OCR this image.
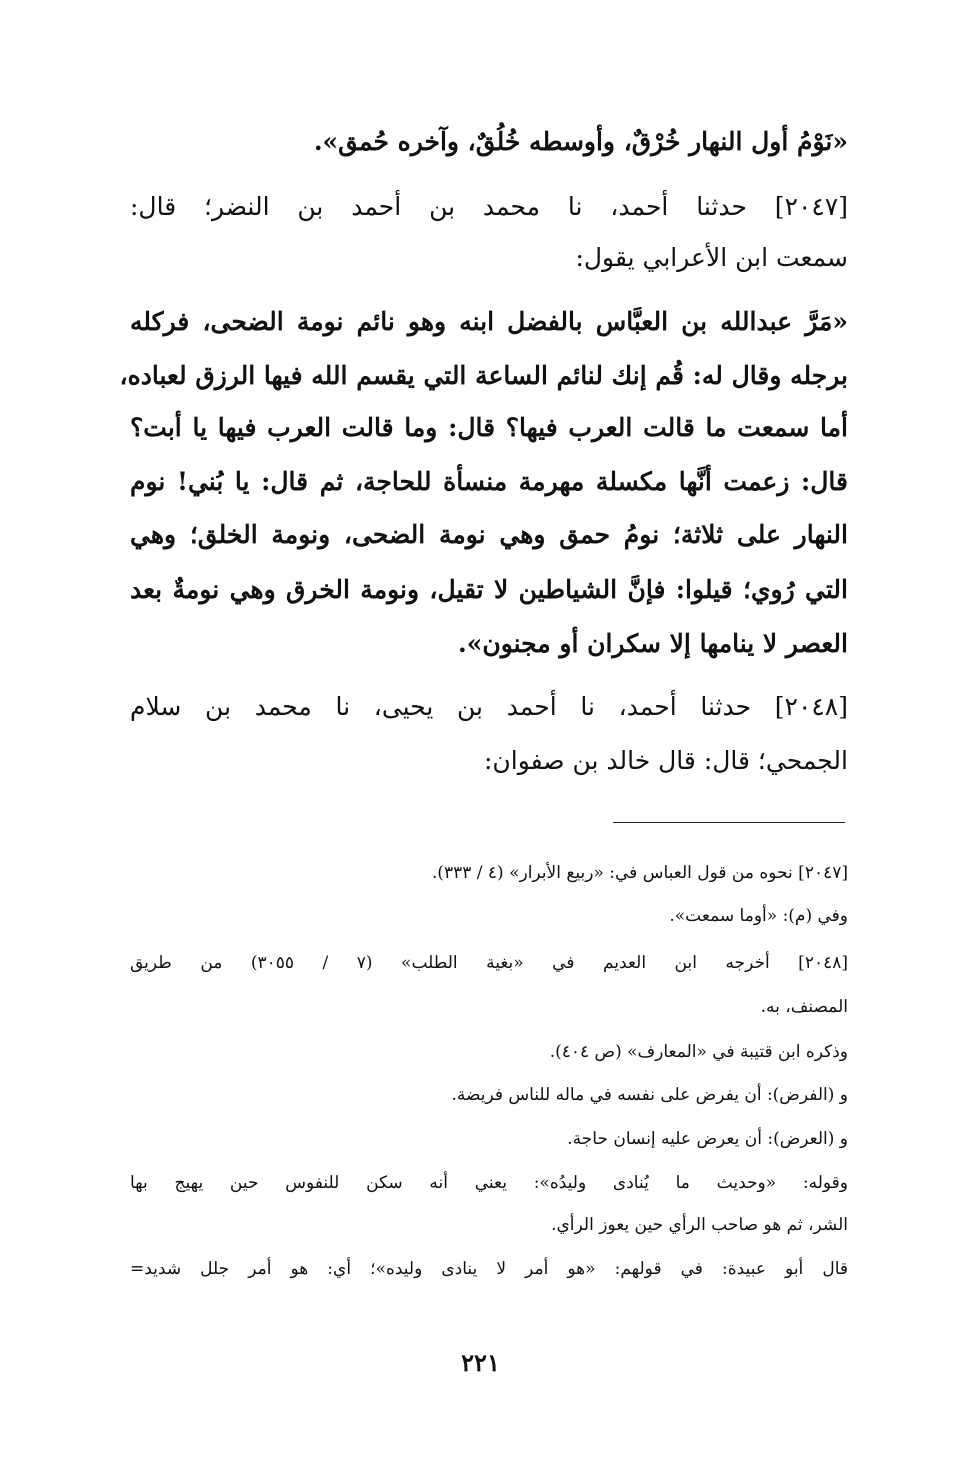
«نَوْمُ أول النهار خُرْقٌ، وأوسطه خُلُقٌ، وآخره حُمق».
[٢٠٤٧] حدثنا أحمد، نا محمد بن أحمد بن النضر؛ قال:
سمعت ابن الأعرابي يقول:
«مَرَّ عبدالله بن العبَّاس بالفضل ابنه وهو نائم نومة الضحى، فركله
برجله وقال له: قُم إنك لنائم الساعة التي يقسم الله فيها الرزق لعباده،
أما سمعت ما قالت العرب فيها؟ قال: وما قالت العرب فيها يا أبت؟
قال: زعمت أنَّها مكسلة مهرمة منسأة للحاجة، ثم قال: يا بُني! نوم
النهار على ثلاثة؛ نومُ حمق وهي نومة الضحى، ونومة الخلق؛ وهي
التي رُوي؛ قيلوا: فإنَّ الشياطين لا تقيل، ونومة الخرق وهي نومةٌ بعد
العصر لا ينامها إلا سكران أو مجنون».
[٢٠٤٨] حدثنا أحمد، نا أحمد بن يحيى، نا محمد بن سلام
الجمحي؛ قال: قال خالد بن صفوان:
[٢٠٤٧] نحوه من قول العباس في: «ربيع الأبرار» (٤ / ٣٣٣).
وفي (م): «أوما سمعت».
[٢٠٤٨] أخرجه ابن العديم في «بغية الطلب» (٧ / ٣٠٥٥) من طريق
المصنف، به.
وذكره ابن قتيبة في «المعارف» (ص ٤٠٤).
و (الفرض): أن يفرض على نفسه في ماله للناس فريضة.
و (العرض): أن يعرض عليه إنسان حاجة.
وقوله: «وحديث ما يُنادى وليدُه»: يعني أنه سكن للنفوس حين يهيج بها
الشر، ثم هو صاحب الرأي حين يعوز الرأي.
قال أبو عبيدة: في قولهم: «هو أمر لا ينادى وليده»؛ أي: هو أمر جلل شديد=
٢٢١
